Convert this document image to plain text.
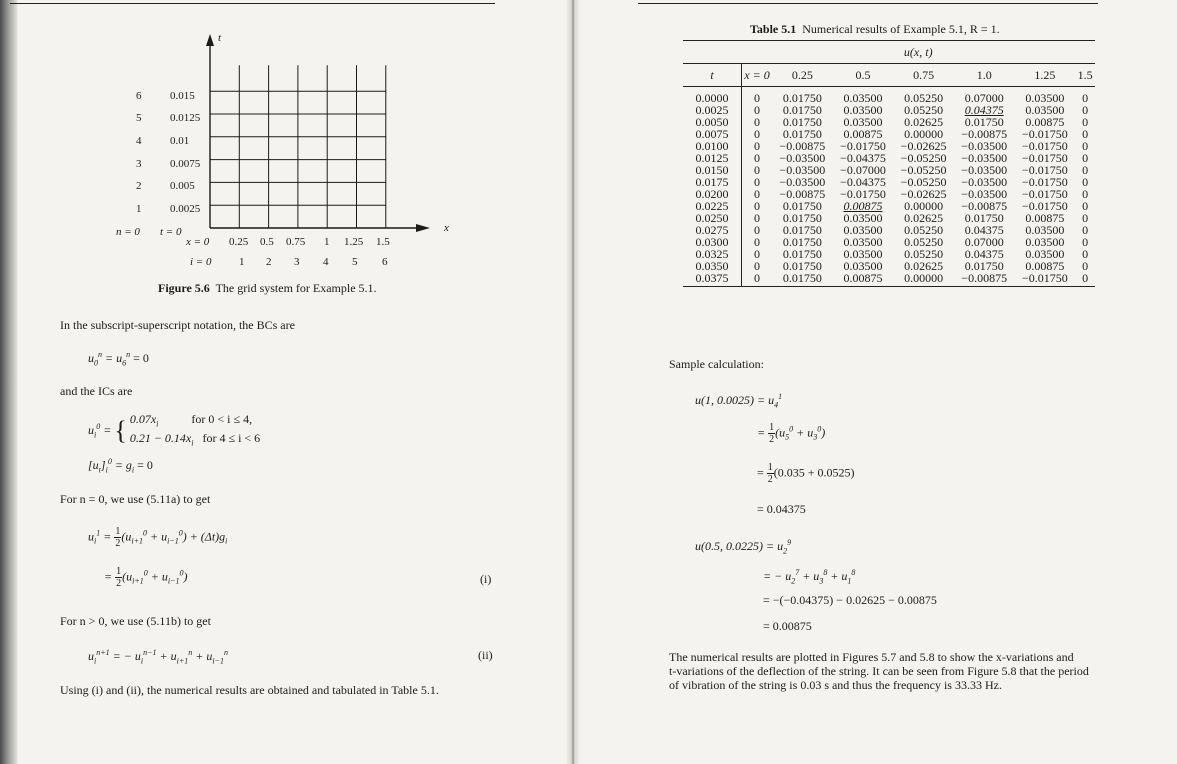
t
x
6
5
4
3
2
1
n = 0
0.015
0.0125
0.01
0.0075
0.005
0.0025
t = 0
x = 0 0.25 0.5 0.75 1 1.25 1.5
i = 0	1 2 3 4 5 6
Figure 5.6 The grid system for Example 5.1.
In the subscript-superscript notation, the BCs are
$u_0^n = u_6^n = 0$
and the ICs are
$u_i^0$ = { $0.07x_i$	for 0 < i ≤ 4,
$0.21 - 0.14x_i$ for 4 ≤ i < 6
$[u_t]_i^0 = g_i = 0$
For n = 0, we use (5.11a) to get
$u_i^1 = \frac{1}{2} (u_{i+1}^0 + u_{i-1}^0) + (\Delta t)g_i$
= $\frac{1}{2} (u_{i+1}^0 + u_{i-1}^0)$	(i)
For n > 0, we use (5.11b) to get
$u_i^{n+1}$ = − $u_i^{n-1} + u_{i+1}^n + u_{i-1}^n$	(ii)
Using (i) and (ii), the numerical results are obtained and tabulated in Table 5.1.
Table 5.1 Numerical results of Example 5.1, R = 1.
	u(x, t)						
t	x = 0	0.25	0.5	0.75	1.0	1.25	1.5
0.0000	0	0.01750	0.03500	0.05250	0.07000	0.03500	0
0.0025	0	0.01750	0.03500	0.05250	0.04375	0.03500	0
0.0050	0	0.01750	0.03500	0.02625	0.01750	0.00875	0
0.0075	0	0.01750	0.00875	0.00000	−0.00875	−0.01750	0
0.0100	0	−0.00875	−0.01750	−0.02625	−0.03500	−0.01750	0
0.0125	0	−0.03500	−0.04375	−0.05250	−0.03500	−0.01750	0
0.0150	0	−0.03500	−0.07000	−0.05250	−0.03500	−0.01750	0
0.0175	0	−0.03500	−0.04375	−0.05250	−0.03500	−0.01750	0
0.0200	0	−0.00875	−0.01750	−0.02625	−0.03500	−0.01750	0
0.0225	0	0.01750	0.00875	0.00000	−0.00875	−0.01750	0
0.0250	0	0.01750	0.03500	0.02625	0.01750	0.00875	0
0.0275	0	0.01750	0.03500	0.05250	0.04375	0.03500	0
0.0300	0	0.01750	0.03500	0.05250	0.07000	0.03500	0
0.0325	0	0.01750	0.03500	0.05250	0.04375	0.03500	0
0.0350	0	0.01750	0.03500	0.02625	0.01750	0.00875	0
0.0375	0	0.01750	0.00875	0.00000	−0.00875	−0.01750	0
Sample calculation:
u(1, $0.0025) = u_4^1$
= $\frac{1}{2} (u_5^0 + u_3^0)$
= $\frac{1}{2} (0.035 + 0.0525)$
= 0.04375
u(0.5, $0.0225) = u_2^9$
= − $u_2^7 + u_3^8 + u_1^8$
= −(−0.04375) − 0.02625 − 0.00875
= 0.00875
The numerical results are plotted in Figures 5.7 and 5.8 to show the x-variations and
t-variations of the deflection of the string. It can be seen from Figure 5.8 that the period
of vibration of the string is 0.03 s and thus the frequency is 33.33 Hz.
